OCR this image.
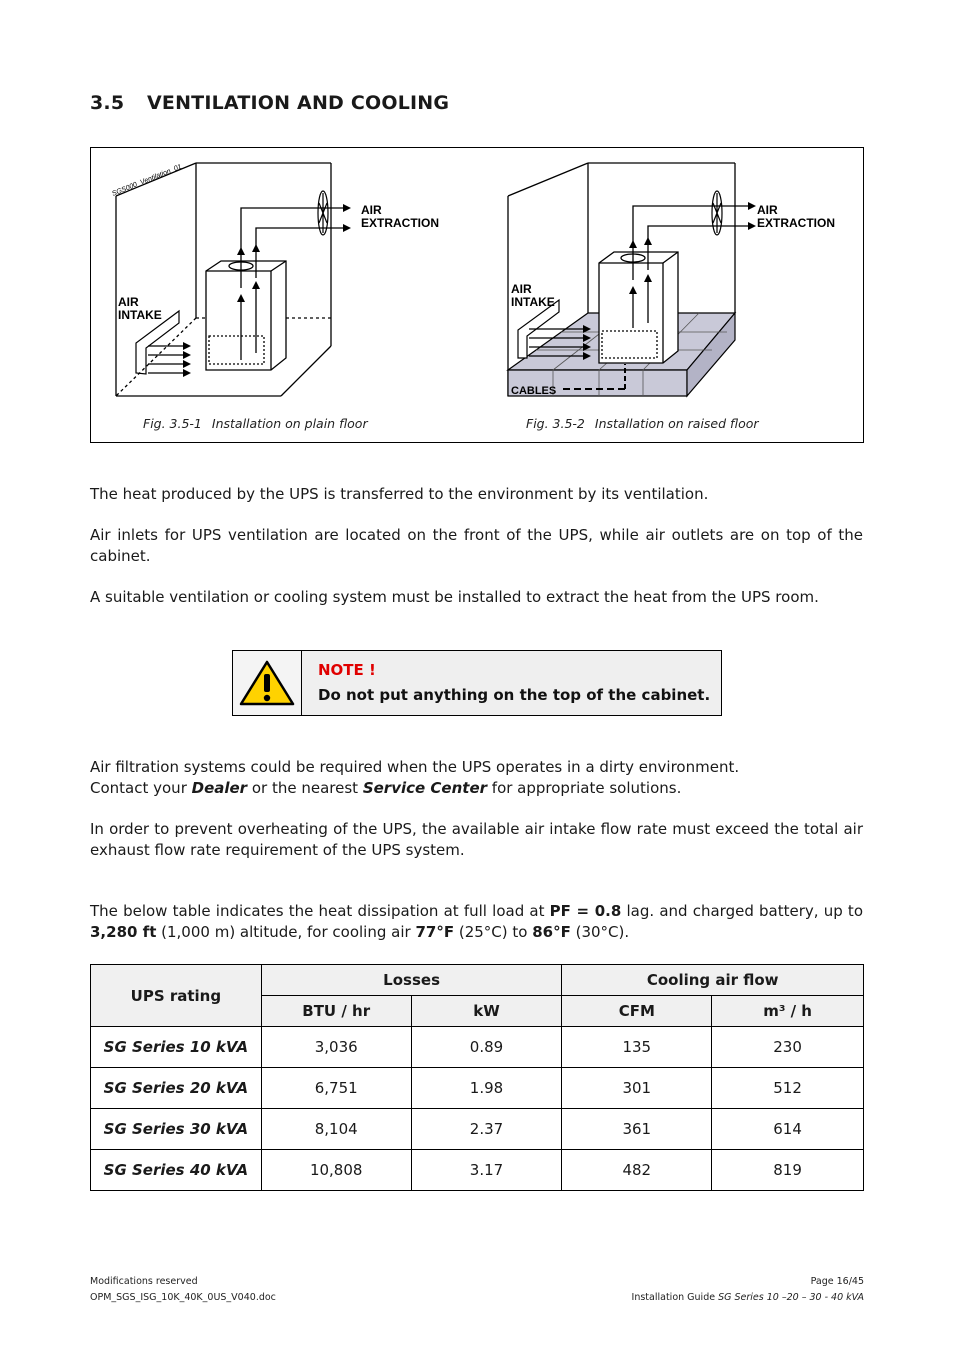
3.5 VENTILATION AND COOLING
SGS000_Ventilation_01
AIR
EXTRACTION
AIR
INTAKE
AIR
EXTRACTION
AIR
INTAKE
CABLES
Fig. 3.5-1 Installation on plain floor	Fig. 3.5-2 Installation on raised floor
The heat produced by the UPS is transferred to the environment by its ventilation.
Air inlets for UPS ventilation are located on the front of the UPS, while air outlets are on top of the cabinet.
A suitable ventilation or cooling system must be installed to extract the heat from the UPS room.
NOTE !
Do not put anything on the top of the cabinet.
Air filtration systems could be required when the UPS operates in a dirty environment.
Contact your Dealer or the nearest Service Center for appropriate solutions.
In order to prevent overheating of the UPS, the available air intake flow rate must exceed the total air exhaust flow rate requirement of the UPS system.
The below table indicates the heat dissipation at full load at PF = 0.8 lag. and charged battery, up to 3,280 ft (1,000 m) altitude, for cooling air 77°F (25°C) to 86°F (30°C).
UPS rating	Losses		Cooling air flow	
	BTU / hr	kW	CFM	m³ / h
SG Series 10 kVA	3,036	0.89	135	230
SG Series 20 kVA	6,751	1.98	301	512
SG Series 30 kVA	8,104	2.37	361	614
SG Series 40 kVA	10,808	3.17	482	819
Modifications reserved
OPM_SGS_ISG_10K_40K_0US_V040.doc
Page 16/45
Installation Guide SG Series 10 –20 – 30 - 40 kVA
